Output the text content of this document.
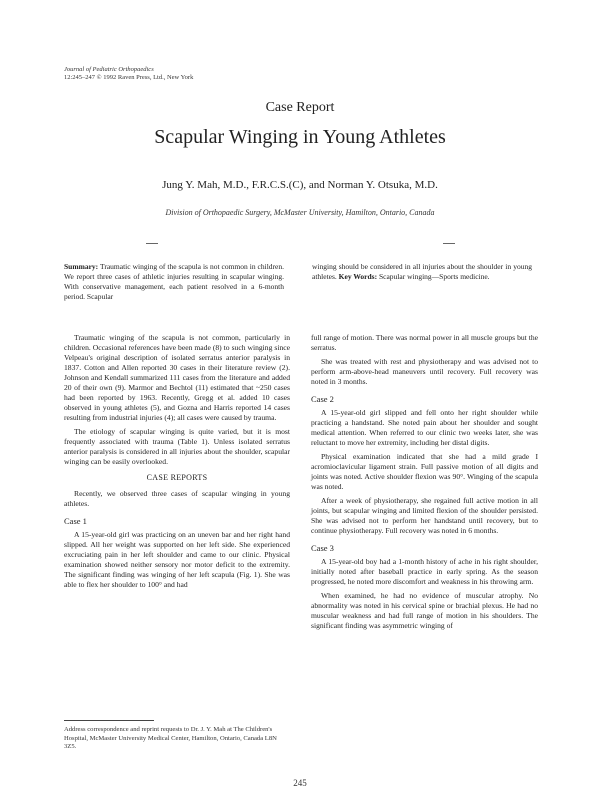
Journal of Pediatric Orthopaedics
12:245–247 © 1992 Raven Press, Ltd., New York
Case Report
Scapular Winging in Young Athletes
Jung Y. Mah, M.D., F.R.C.S.(C), and Norman Y. Otsuka, M.D.
Division of Orthopaedic Surgery, McMaster University, Hamilton, Ontario, Canada
Summary: Traumatic winging of the scapula is not common in children. We report three cases of athletic injuries resulting in scapular winging. With conservative management, each patient resolved in a 6-month period. Scapular
winging should be considered in all injuries about the shoulder in young athletes. Key Words: Scapular winging—Sports medicine.

Traumatic winging of the scapula is not common, particularly in children. Occasional references have been made (8) to such winging since Velpeau's original description of isolated serratus anterior paralysis in 1837. Cotton and Allen reported 30 cases in their literature review (2). Johnson and Kendall summarized 111 cases from the literature and added 20 of their own (9). Marmor and Bechtol (11) estimated that ~250 cases had been reported by 1963. Recently, Gregg et al. added 10 cases observed in young athletes (5), and Gozna and Harris reported 14 cases resulting from industrial injuries (4); all cases were caused by trauma.

The etiology of scapular winging is quite varied, but it is most frequently associated with trauma (Table 1). Unless isolated serratus anterior paralysis is considered in all injuries about the shoulder, scapular winging can be easily overlooked.

CASE REPORTS

Recently, we observed three cases of scapular winging in young athletes.

Case 1

A 15-year-old girl was practicing on an uneven bar and her right hand slipped. All her weight was supported on her left side. She experienced excruciating pain in her left shoulder and came to our clinic. Physical examination showed neither sensory nor motor deficit to the extremity. The significant finding was winging of her left scapula (Fig. 1). She was able to flex her shoulder to 100° and had

full range of motion. There was normal power in all muscle groups but the serratus.

She was treated with rest and physiotherapy and was advised not to perform arm-above-head maneuvers until recovery. Full recovery was noted in 3 months.

Case 2

A 15-year-old girl slipped and fell onto her right shoulder while practicing a handstand. She noted pain about her shoulder and sought medical attention. When referred to our clinic two weeks later, she was reluctant to move her extremity, including her distal digits.

Physical examination indicated that she had a mild grade I acromioclavicular ligament strain. Full passive motion of all digits and joints was noted. Active shoulder flexion was 90°. Winging of the scapula was noted.

After a week of physiotherapy, she regained full active motion in all joints, but scapular winging and limited flexion of the shoulder persisted. She was advised not to perform her handstand until recovery, but to continue physiotherapy. Full recovery was noted in 6 months.

Case 3

A 15-year-old boy had a 1-month history of ache in his right shoulder, initially noted after baseball practice in early spring. As the season progressed, he noted more discomfort and weakness in his throwing arm.

When examined, he had no evidence of muscular atrophy. No abnormality was noted in his cervical spine or brachial plexus. He had no muscular weakness and had full range of motion in his shoulders. The significant finding was asymmetric winging of

Address correspondence and reprint requests to Dr. J. Y. Mah at The Children's Hospital, McMaster University Medical Center, Hamilton, Ontario, Canada L8N 3Z5.
245
